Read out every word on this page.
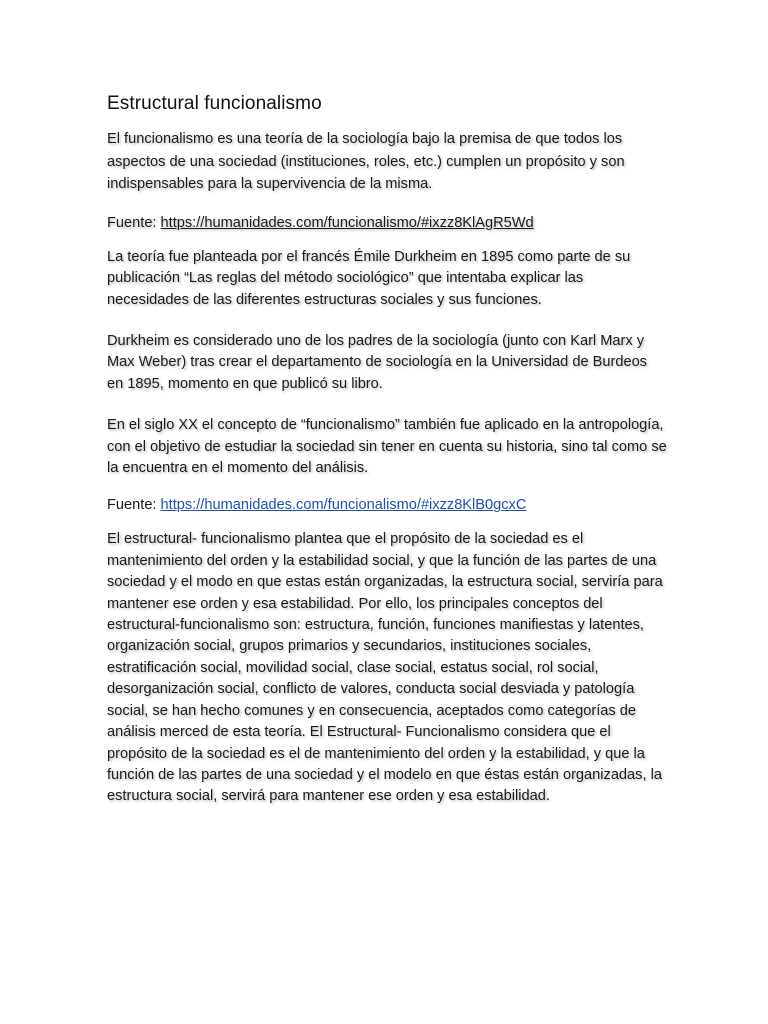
Estructural funcionalismo

El funcionalismo es una teoría de la sociología bajo la premisa de que todos los aspectos de una sociedad (instituciones, roles, etc.) cumplen un propósito y son indispensables para la supervivencia de la misma.

Fuente: https://humanidades.com/funcionalismo/#ixzz8KlAgR5Wd

La teoría fue planteada por el francés Émile Durkheim en 1895 como parte de su publicación “Las reglas del método sociológico” que intentaba explicar las necesidades de las diferentes estructuras sociales y sus funciones.

Durkheim es considerado uno de los padres de la sociología (junto con Karl Marx y Max Weber) tras crear el departamento de sociología en la Universidad de Burdeos en 1895, momento en que publicó su libro.

En el siglo XX el concepto de “funcionalismo” también fue aplicado en la antropología, con el objetivo de estudiar la sociedad sin tener en cuenta su historia, sino tal como se la encuentra en el momento del análisis.

Fuente: https://humanidades.com/funcionalismo/#ixzz8KlB0gcxC

El estructural- funcionalismo plantea que el propósito de la sociedad es el mantenimiento del orden y la estabilidad social, y que la función de las partes de una sociedad y el modo en que estas están organizadas, la estructura social, serviría para mantener ese orden y esa estabilidad. Por ello, los principales conceptos del estructural-funcionalismo son: estructura, función, funciones manifiestas y latentes, organización social, grupos primarios y secundarios, instituciones sociales, estratificación social, movilidad social, clase social, estatus social, rol social, desorganización social, conflicto de valores, conducta social desviada y patología social, se han hecho comunes y en consecuencia, aceptados como categorías de análisis merced de esta teoría. El Estructural- Funcionalismo considera que el propósito de la sociedad es el de mantenimiento del orden y la estabilidad, y que la función de las partes de una sociedad y el modelo en que éstas están organizadas, la estructura social, servirá para mantener ese orden y esa estabilidad.
